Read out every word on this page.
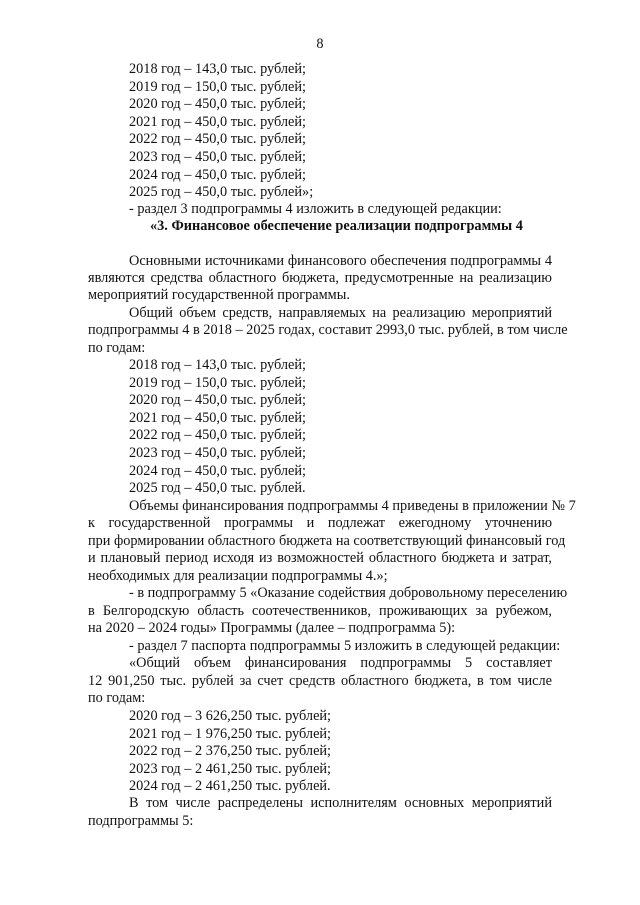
8
2018 год – 143,0 тыс. рублей;
2019 год – 150,0 тыс. рублей;
2020 год – 450,0 тыс. рублей;
2021 год – 450,0 тыс. рублей;
2022 год – 450,0 тыс. рублей;
2023 год – 450,0 тыс. рублей;
2024 год – 450,0 тыс. рублей;
2025 год – 450,0 тыс. рублей»;
- раздел 3 подпрограммы 4 изложить в следующей редакции:
«3. Финансовое обеспечение реализации подпрограммы 4
Основными источниками финансового обеспечения подпрограммы 4
являются средства областного бюджета, предусмотренные на реализацию
мероприятий государственной программы.
Общий объем средств, направляемых на реализацию мероприятий
подпрограммы 4 в 2018 – 2025 годах, составит 2993,0 тыс. рублей, в том числе
по годам:
2018 год – 143,0 тыс. рублей;
2019 год – 150,0 тыс. рублей;
2020 год – 450,0 тыс. рублей;
2021 год – 450,0 тыс. рублей;
2022 год – 450,0 тыс. рублей;
2023 год – 450,0 тыс. рублей;
2024 год – 450,0 тыс. рублей;
2025 год – 450,0 тыс. рублей.
Объемы финансирования подпрограммы 4 приведены в приложении № 7
к государственной программы и подлежат ежегодному уточнению
при формировании областного бюджета на соответствующий финансовый год
и плановый период исходя из возможностей областного бюджета и затрат,
необходимых для реализации подпрограммы 4.»;
- в подпрограмму 5 «Оказание содействия добровольному переселению
в Белгородскую область соотечественников, проживающих за рубежом,
на 2020 – 2024 годы» Программы (далее – подпрограмма 5):
- раздел 7 паспорта подпрограммы 5 изложить в следующей редакции:
«Общий объем финансирования подпрограммы 5 составляет
12 901,250 тыс. рублей за счет средств областного бюджета, в том числе
по годам:
2020 год – 3 626,250 тыс. рублей;
2021 год – 1 976,250 тыс. рублей;
2022 год – 2 376,250 тыс. рублей;
2023 год – 2 461,250 тыс. рублей;
2024 год – 2 461,250 тыс. рублей.
В том числе распределены исполнителям основных мероприятий
подпрограммы 5:
